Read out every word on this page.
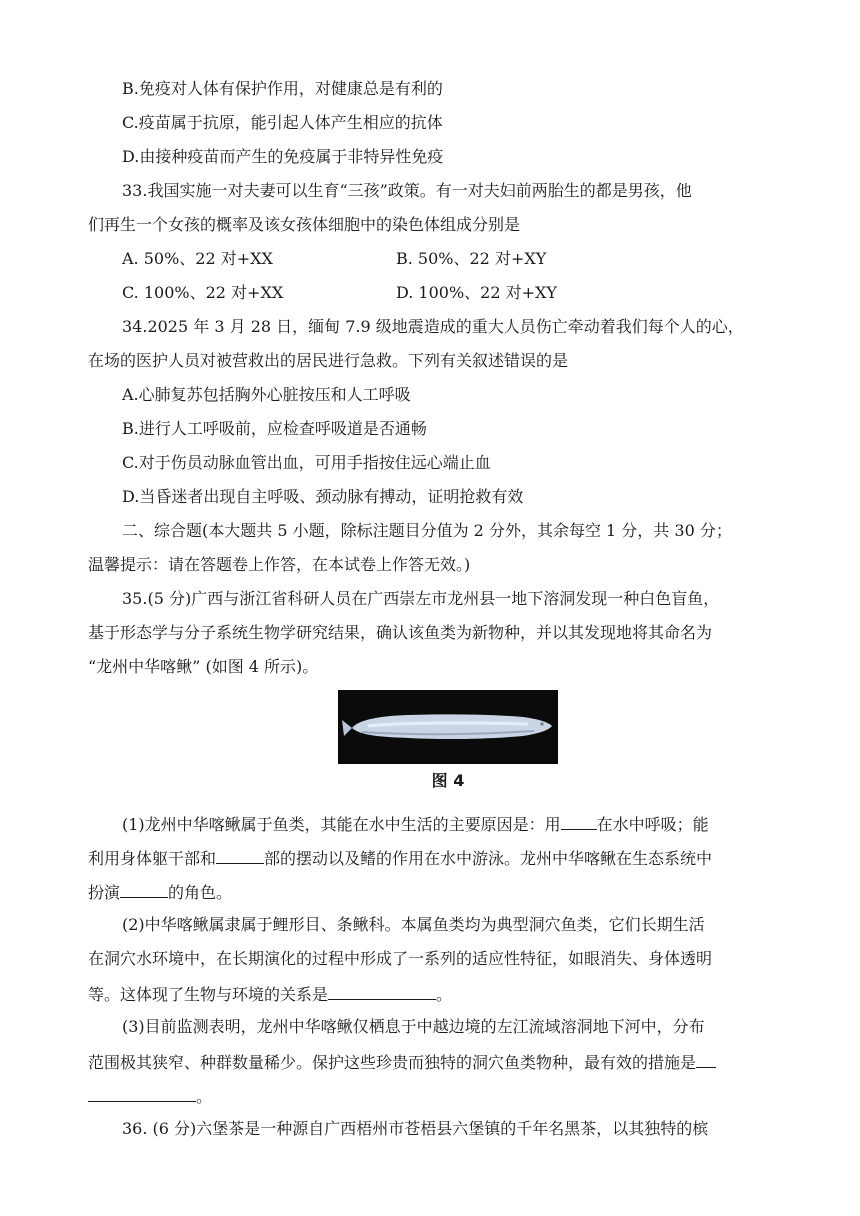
B.免疫对人体有保护作用，对健康总是有利的
C.疫苗属于抗原，能引起人体产生相应的抗体
D.由接种疫苗而产生的免疫属于非特异性免疫
33.我国实施一对夫妻可以生育“三孩”政策。有一对夫妇前两胎生的都是男孩，他
们再生一个女孩的概率及该女孩体细胞中的染色体组成分别是
A. 50%、22 对+XX	B. 50%、22 对+XY
C. 100%、22 对+XX	D. 100%、22 对+XY
34.2025 年 3 月 28 日，缅甸 7.9 级地震造成的重大人员伤亡牵动着我们每个人的心，
在场的医护人员对被营救出的居民进行急救。下列有关叙述错误的是
A.心肺复苏包括胸外心脏按压和人工呼吸
B.进行人工呼吸前，应检查呼吸道是否通畅
C.对于伤员动脉血管出血，可用手指按住远心端止血
D.当昏迷者出现自主呼吸、颈动脉有搏动，证明抢救有效
二、综合题(本大题共 5 小题，除标注题目分值为 2 分外，其余每空 1 分，共 30 分；
温馨提示：请在答题卷上作答，在本试卷上作答无效。)
35.(5 分)广西与浙江省科研人员在广西崇左市龙州县一地下溶洞发现一种白色盲鱼，
基于形态学与分子系统生物学研究结果，确认该鱼类为新物种，并以其发现地将其命名为
“龙州中华喀鳅” (如图 4 所示)。
图 4
(1)龙州中华喀鳅属于鱼类，其能在水中生活的主要原因是：用 在水中呼吸；能
利用身体躯干部和	部的摆动以及鳍的作用在水中游泳。龙州中华喀鳅在生态系统中
扮演	的角色。
(2)中华喀鳅属隶属于鲤形目、条鳅科。本属鱼类均为典型洞穴鱼类，它们长期生活
在洞穴水环境中，在长期演化的过程中形成了一系列的适应性特征，如眼消失、身体透明
等。这体现了生物与环境的关系是	。
(3)目前监测表明，龙州中华喀鳅仅栖息于中越边境的左江流域溶洞地下河中，分布
范围极其狭窄、种群数量稀少。保护这些珍贵而独特的洞穴鱼类物种，最有效的措施是
。
36. (6 分)六堡茶是一种源自广西梧州市苍梧县六堡镇的千年名黑茶，以其独特的槟
